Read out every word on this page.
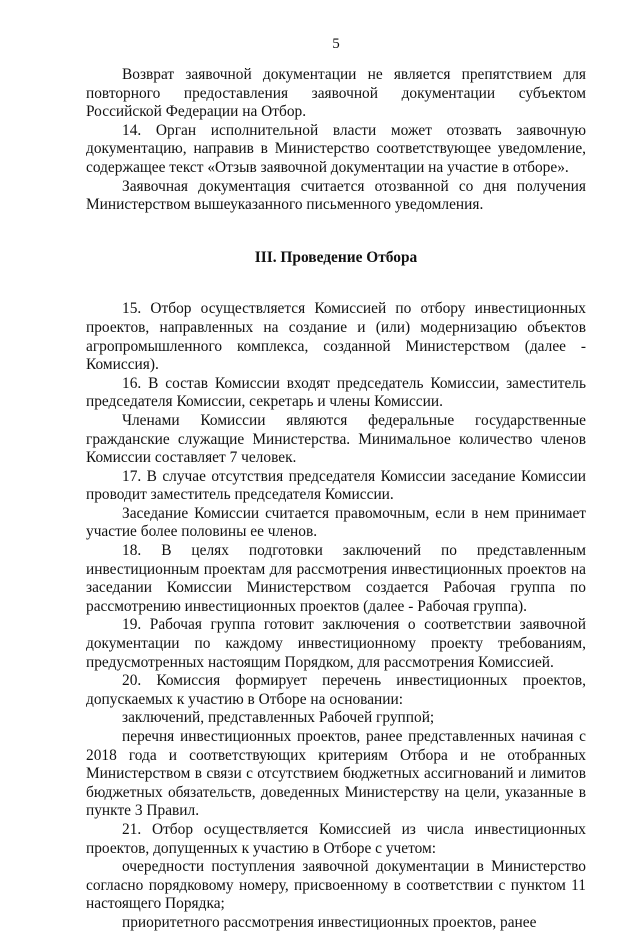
5

Возврат заявочной документации не является препятствием для повторного предоставления заявочной документации субъектом Российской Федерации на Отбор.

14. Орган исполнительной власти может отозвать заявочную документацию, направив в Министерство соответствующее уведомление, содержащее текст «Отзыв заявочной документации на участие в отборе».

Заявочная документация считается отозванной со дня получения Министерством вышеуказанного письменного уведомления.

III. Проведение Отбора

15. Отбор осуществляется Комиссией по отбору инвестиционных проектов, направленных на создание и (или) модернизацию объектов агропромышленного комплекса, созданной Министерством (далее - Комиссия).

16. В состав Комиссии входят председатель Комиссии, заместитель председателя Комиссии, секретарь и члены Комиссии.

Членами Комиссии являются федеральные государственные гражданские служащие Министерства. Минимальное количество членов Комиссии составляет 7 человек.

17. В случае отсутствия председателя Комиссии заседание Комиссии проводит заместитель председателя Комиссии.

Заседание Комиссии считается правомочным, если в нем принимает участие более половины ее членов.

18. В целях подготовки заключений по представленным инвестиционным проектам для рассмотрения инвестиционных проектов на заседании Комиссии Министерством создается Рабочая группа по рассмотрению инвестиционных проектов (далее - Рабочая группа).

19. Рабочая группа готовит заключения о соответствии заявочной документации по каждому инвестиционному проекту требованиям, предусмотренных настоящим Порядком, для рассмотрения Комиссией.

20. Комиссия формирует перечень инвестиционных проектов, допускаемых к участию в Отборе на основании:

заключений, представленных Рабочей группой;

перечня инвестиционных проектов, ранее представленных начиная с 2018 года и соответствующих критериям Отбора и не отобранных Министерством в связи с отсутствием бюджетных ассигнований и лимитов бюджетных обязательств, доведенных Министерству на цели, указанные в пункте 3 Правил.

21. Отбор осуществляется Комиссией из числа инвестиционных проектов, допущенных к участию в Отборе с учетом:

очередности поступления заявочной документации в Министерство согласно порядковому номеру, присвоенному в соответствии с пунктом 11 настоящего Порядка;

приоритетного рассмотрения инвестиционных проектов, ранее
